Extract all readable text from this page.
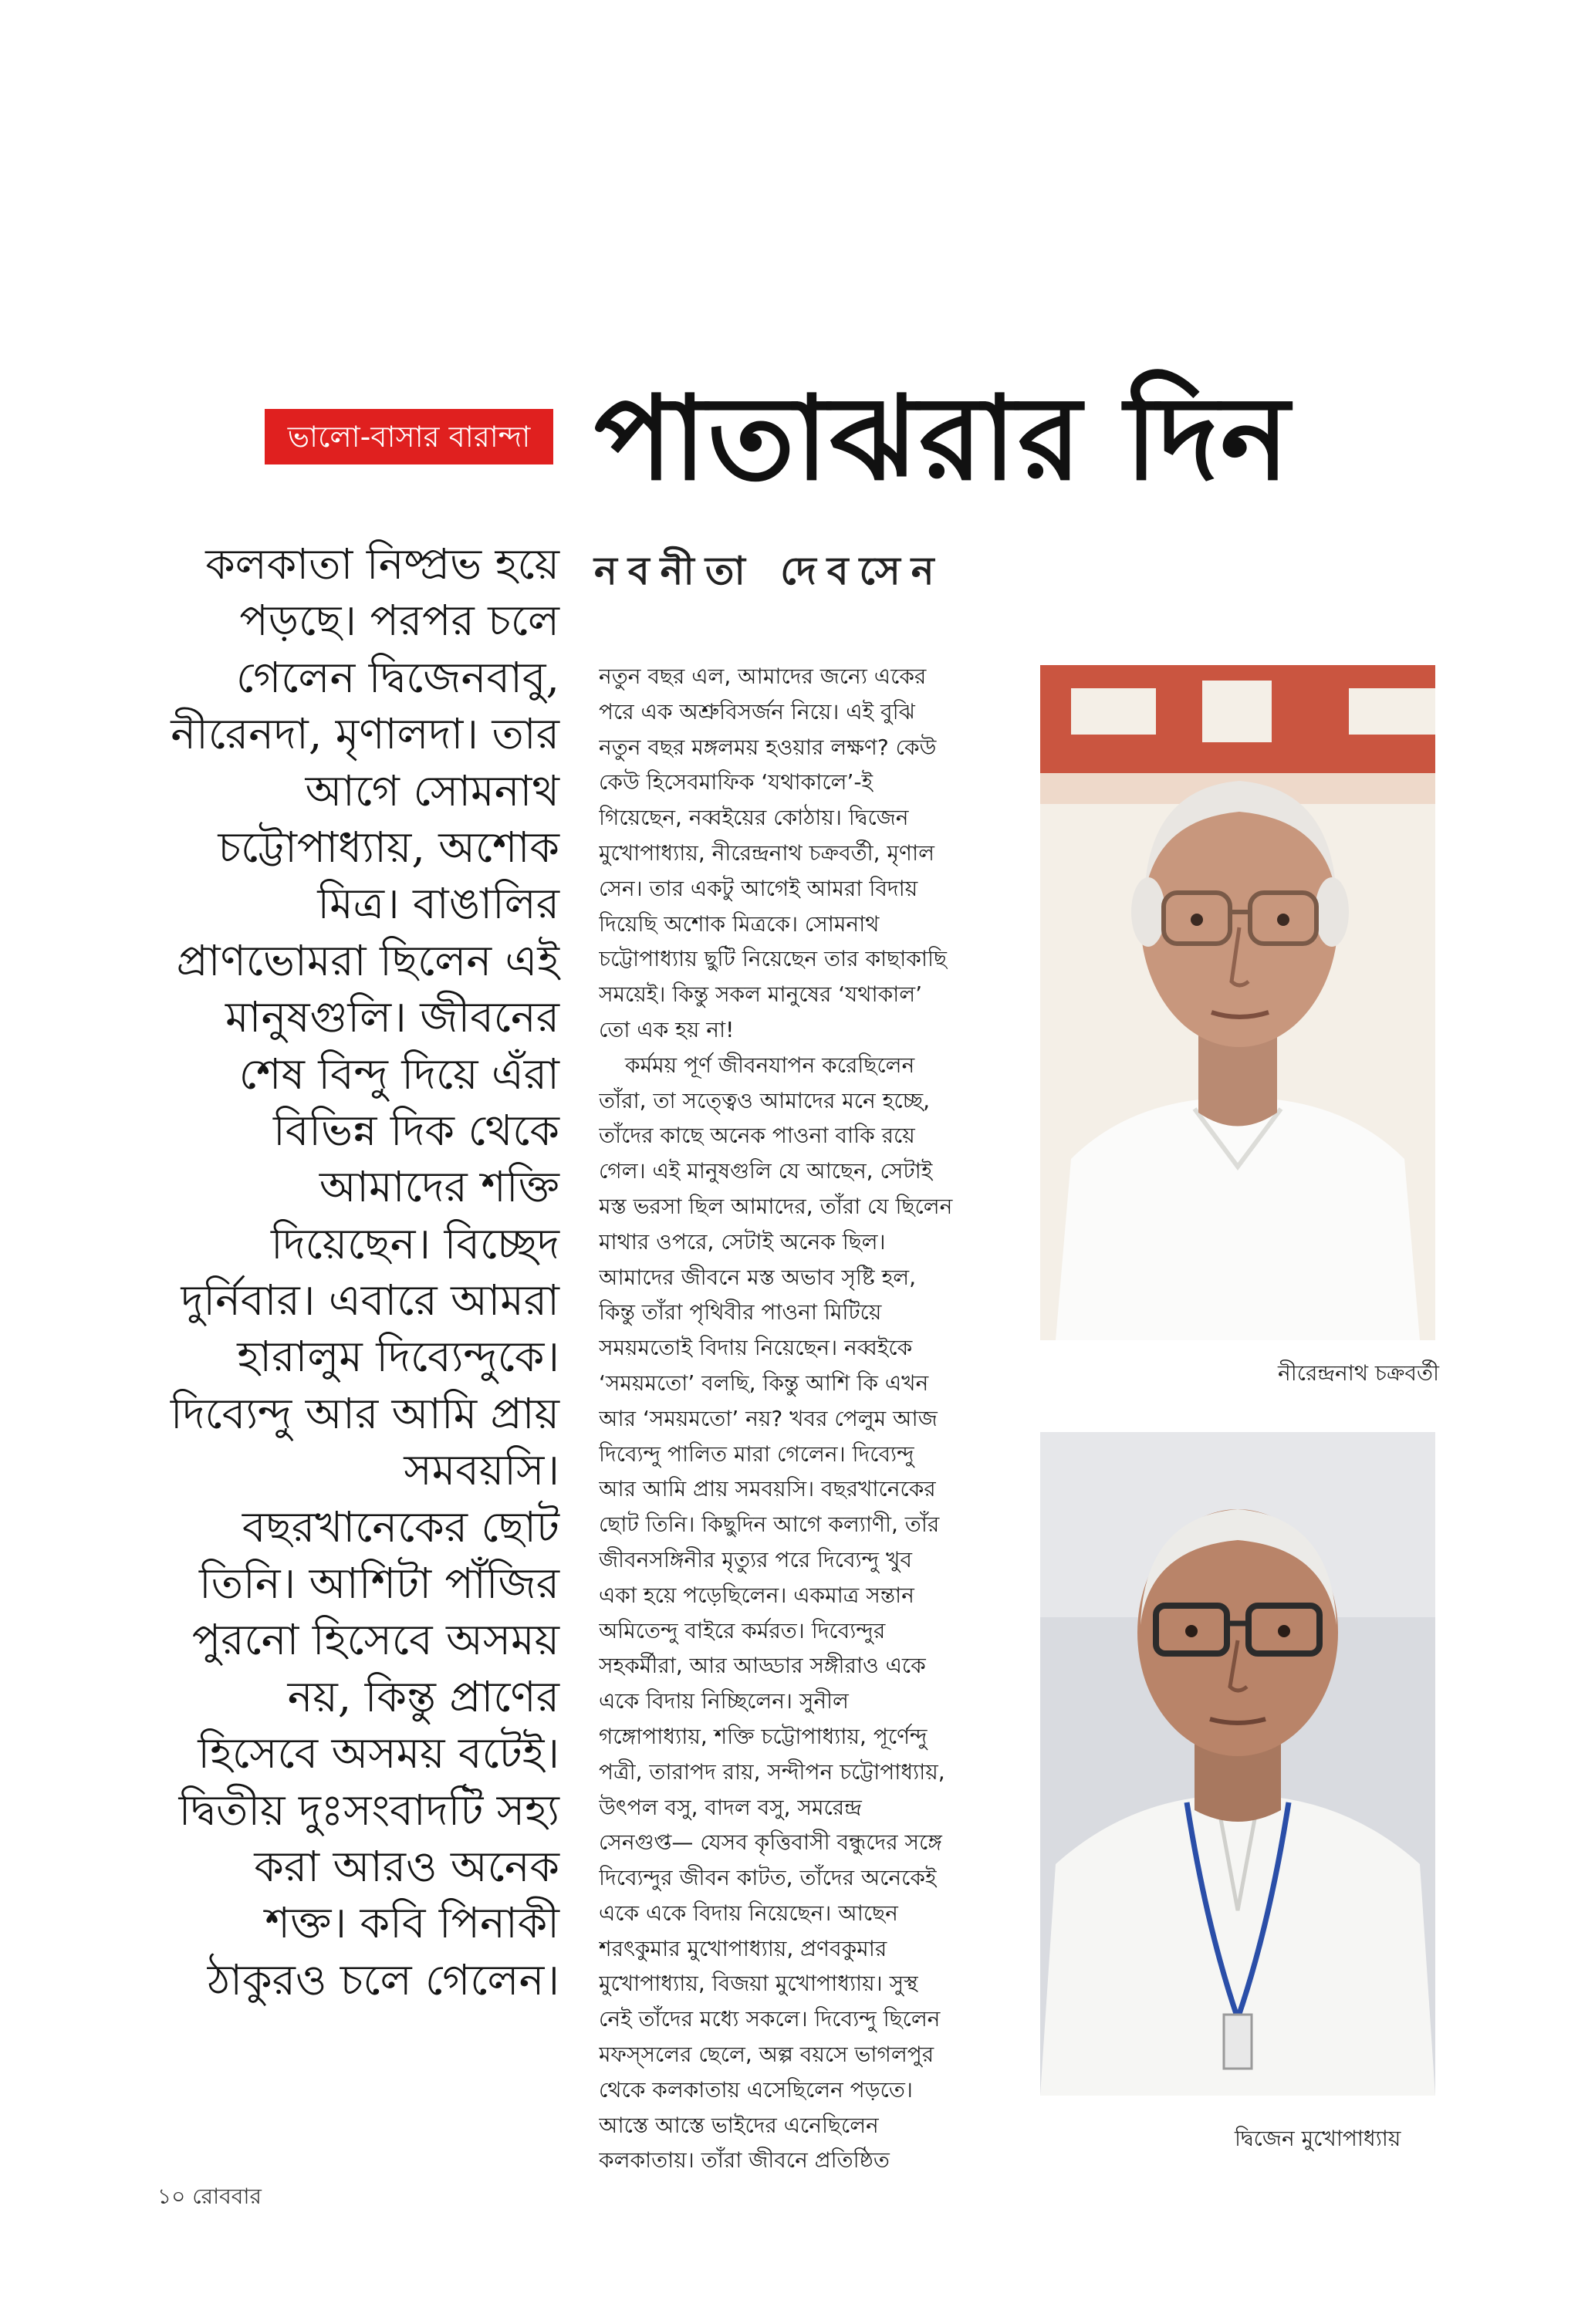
ভালো-বাসার বারান্দা পাতাঝরার দিন
নবনীতা দেবসেন
কলকাতা নিষ্প্রভ হয়ে
পড়ছে। পরপর চলে
গেলেন দ্বিজেনবাবু,
নীরেনদা, মৃণালদা। তার
আগে সোমনাথ
চট্টোপাধ্যায়, অশোক
মিত্র। বাঙালির
প্রাণভোমরা ছিলেন এই
মানুষগুলি। জীবনের
শেষ বিন্দু দিয়ে এঁরা
বিভিন্ন দিক থেকে
আমাদের শক্তি
দিয়েছেন। বিচ্ছেদ
দুর্নিবার। এবারে আমরা
হারালুম দিব্যেন্দুকে।
দিব্যেন্দু আর আমি প্রায়
সমবয়সি।
বছরখানেকের ছোট
তিনি। আশিটা পাঁজির
পুরনো হিসেবে অসময়
নয়, কিন্তু প্রাণের
হিসেবে অসময় বটেই।
দ্বিতীয় দুঃসংবাদটি সহ্য
করা আরও অনেক
শক্ত। কবি পিনাকী
ঠাকুরও চলে গেলেন।
নতুন বছর এল, আমাদের জন্যে একের
পরে এক অশ্রুবিসর্জন নিয়ে। এই বুঝি
নতুন বছর মঙ্গলময় হওয়ার লক্ষণ? কেউ
কেউ হিসেবমাফিক ‘যথাকালে’-ই
গিয়েছেন, নব্বইয়ের কোঠায়। দ্বিজেন
মুখোপাধ্যায়, নীরেন্দ্রনাথ চক্রবর্তী, মৃণাল
সেন। তার একটু আগেই আমরা বিদায়
দিয়েছি অশোক মিত্রকে। সোমনাথ
চট্টোপাধ্যায় ছুটি নিয়েছেন তার কাছাকাছি
সময়েই। কিন্তু সকল মানুষের ‘যথাকাল’
তো এক হয় না!
কর্মময় পূর্ণ জীবনযাপন করেছিলেন
তাঁরা, তা সত্ত্বেও আমাদের মনে হচ্ছে,
তাঁদের কাছে অনেক পাওনা বাকি রয়ে
গেল। এই মানুষগুলি যে আছেন, সেটাই
মস্ত ভরসা ছিল আমাদের, তাঁরা যে ছিলেন
মাথার ওপরে, সেটাই অনেক ছিল।
আমাদের জীবনে মস্ত অভাব সৃষ্টি হল,
কিন্তু তাঁরা পৃথিবীর পাওনা মিটিয়ে
সময়মতোই বিদায় নিয়েছেন। নব্বইকে
‘সময়মতো’ বলছি, কিন্তু আশি কি এখন
আর ‘সময়মতো’ নয়? খবর পেলুম আজ
দিব্যেন্দু পালিত মারা গেলেন। দিব্যেন্দু
আর আমি প্রায় সমবয়সি। বছরখানেকের
ছোট তিনি। কিছুদিন আগে কল্যাণী, তাঁর
জীবনসঙ্গিনীর মৃত্যুর পরে দিব্যেন্দু খুব
একা হয়ে পড়েছিলেন। একমাত্র সন্তান
অমিতেন্দু বাইরে কর্মরত। দিব্যেন্দুর
সহকর্মীরা, আর আড্ডার সঙ্গীরাও একে
একে বিদায় নিচ্ছিলেন। সুনীল
গঙ্গোপাধ্যায়, শক্তি চট্টোপাধ্যায়, পূর্ণেন্দু
পত্রী, তারাপদ রায়, সন্দীপন চট্টোপাধ্যায়,
উৎপল বসু, বাদল বসু, সমরেন্দ্র
সেনগুপ্ত— যেসব কৃত্তিবাসী বন্ধুদের সঙ্গে
দিব্যেন্দুর জীবন কাটত, তাঁদের অনেকেই
একে একে বিদায় নিয়েছেন। আছেন
শরৎকুমার মুখোপাধ্যায়, প্রণবকুমার
মুখোপাধ্যায়, বিজয়া মুখোপাধ্যায়। সুস্থ
নেই তাঁদের মধ্যে সকলে। দিব্যেন্দু ছিলেন
মফস্‌সলের ছেলে, অল্প বয়সে ভাগলপুর
থেকে কলকাতায় এসেছিলেন পড়তে।
আস্তে আস্তে ভাইদের এনেছিলেন
কলকাতায়। তাঁরা জীবনে প্রতিষ্ঠিত
নীরেন্দ্রনাথ চক্রবর্তী
দ্বিজেন মুখোপাধ্যায়
১০ রোববার
